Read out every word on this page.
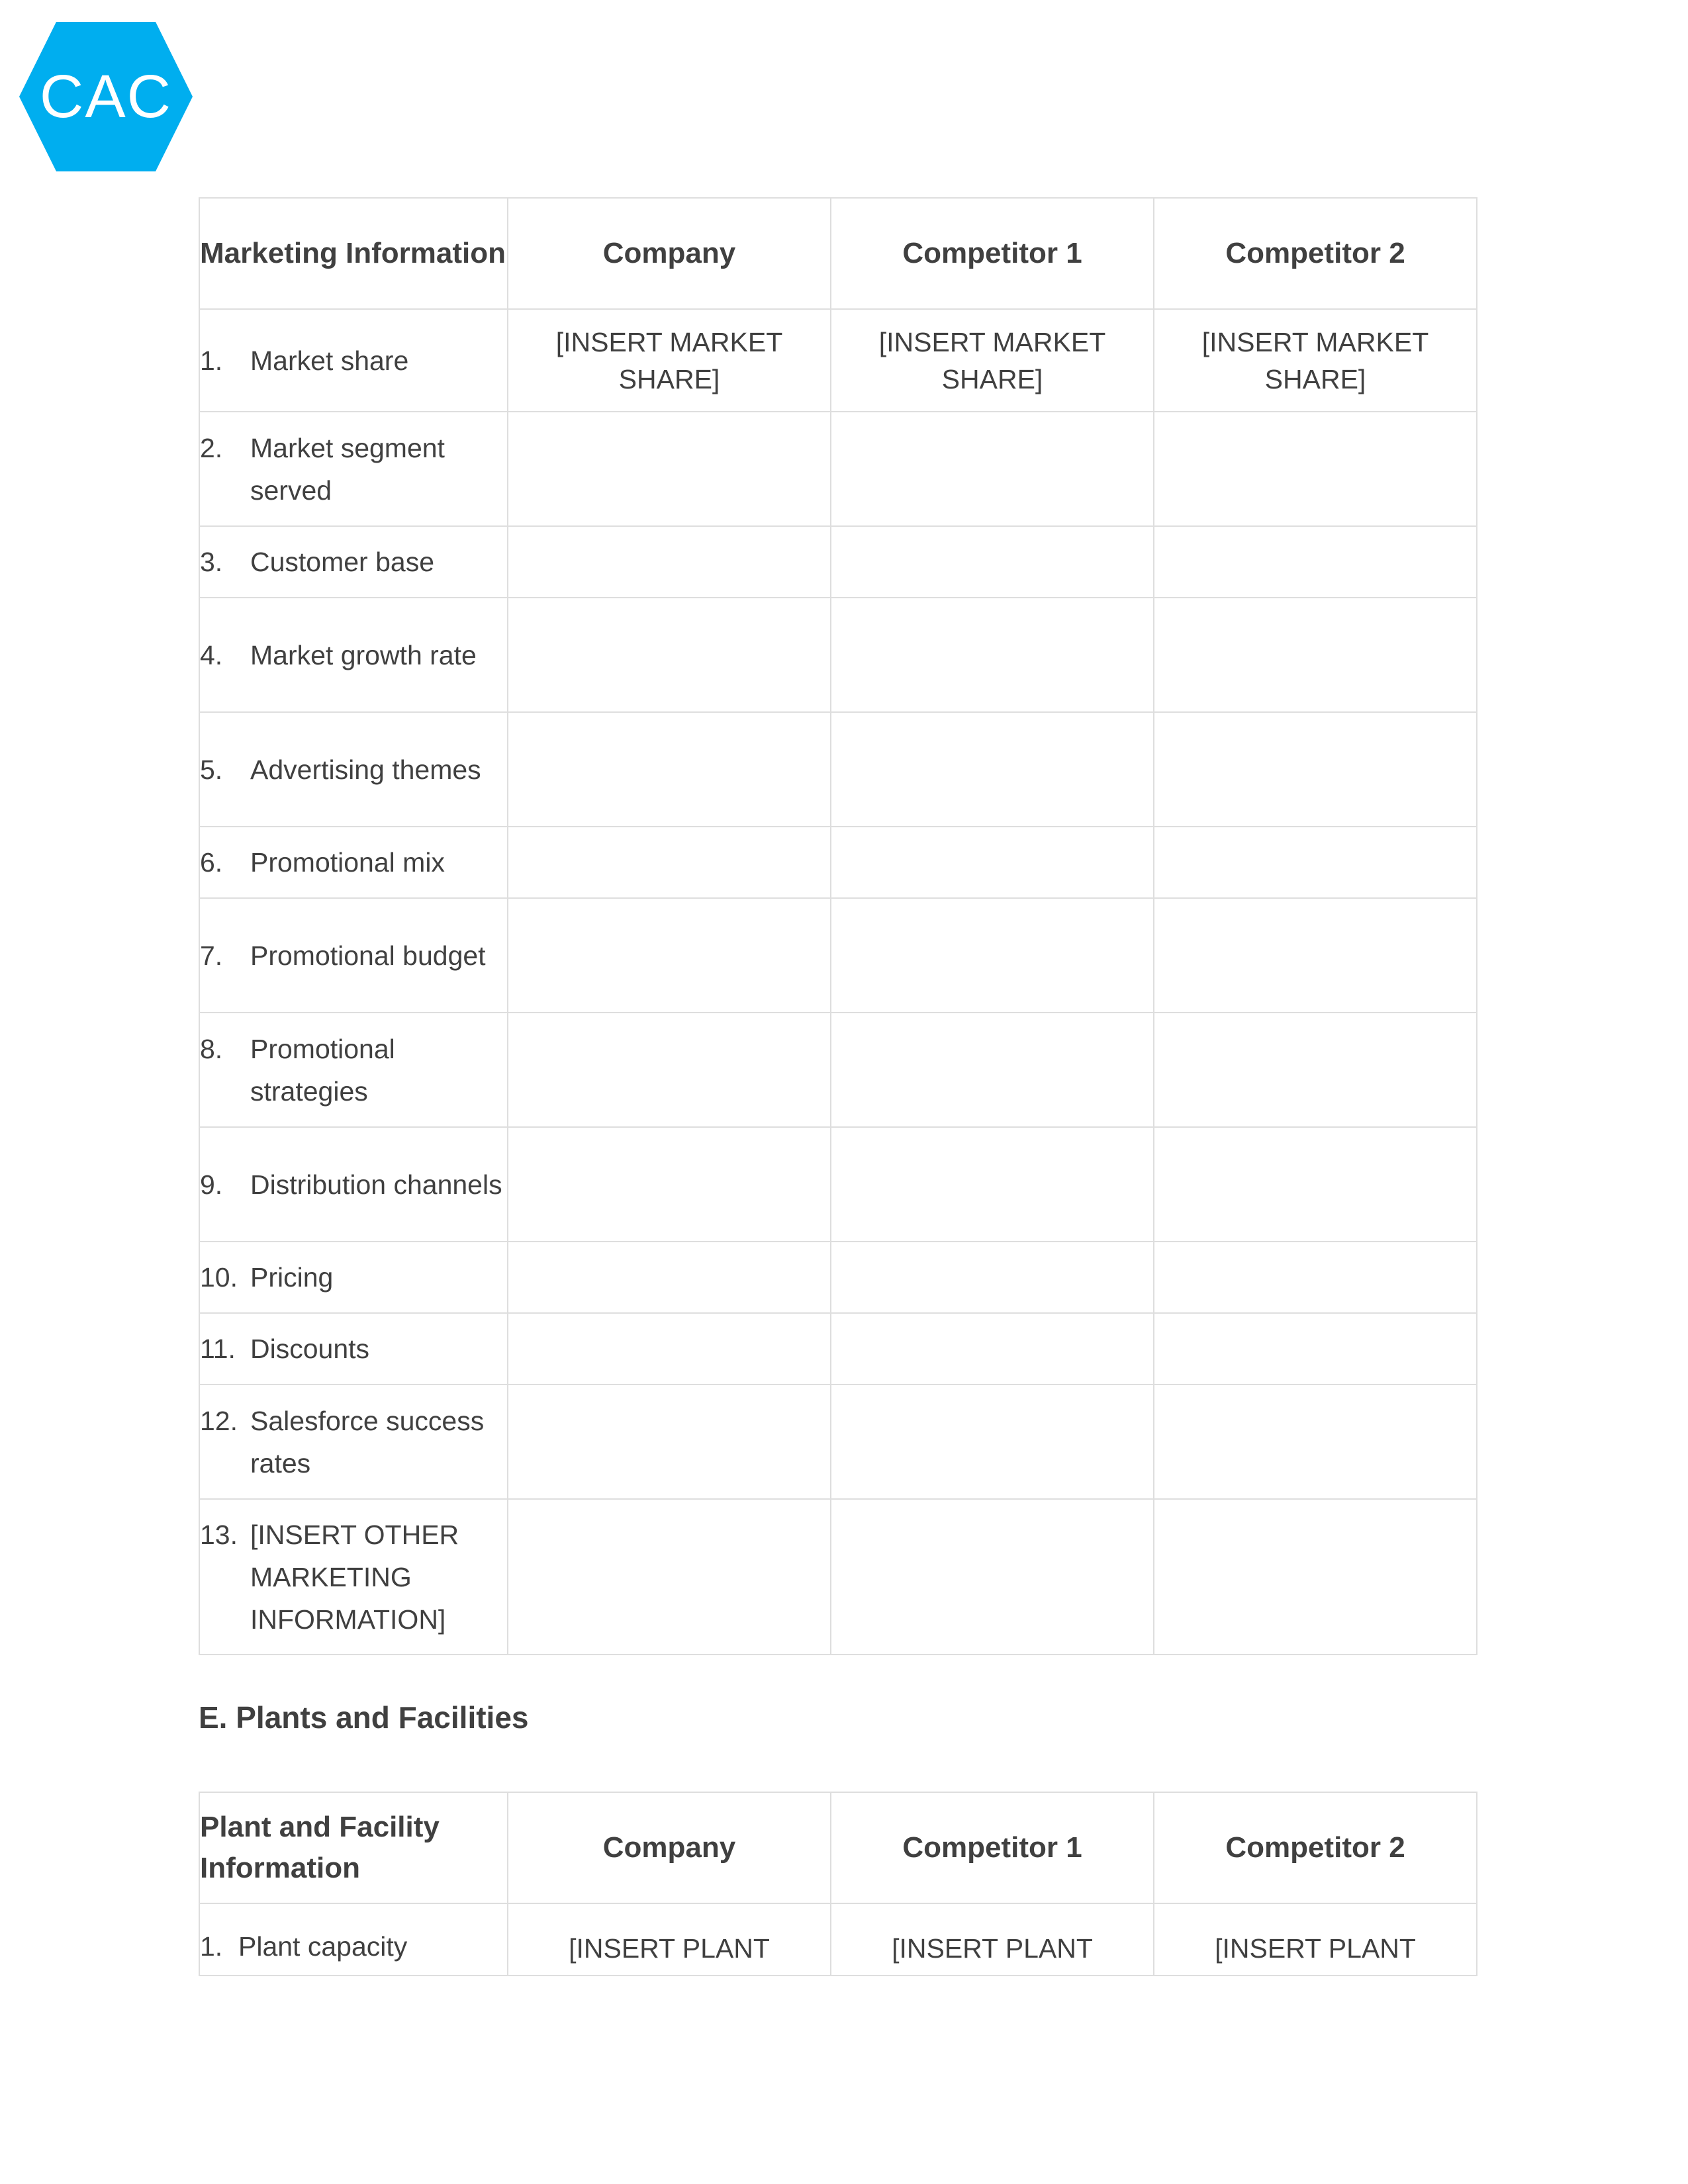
CAC
Marketing Information	Company	Competitor 1	Competitor 2

1. Market share	[INSERT MARKET SHARE]	[INSERT MARKET SHARE]	[INSERT MARKET SHARE]

2. Market segment served			

3. Customer base			

4. Market growth rate			

5. Advertising themes			

6. Promotional mix			

7. Promotional budget			

8. Promotional strategies			

9. Distribution channels			

10. Pricing			

11. Discounts			

12. Salesforce success rates			

13. [INSERT OTHER MARKETING INFORMATION]			

E. Plants and Facilities
Plant and Facility Information	Company	Competitor 1	Competitor 2

1. Plant capacity	[INSERT PLANT	[INSERT PLANT	[INSERT PLANT
